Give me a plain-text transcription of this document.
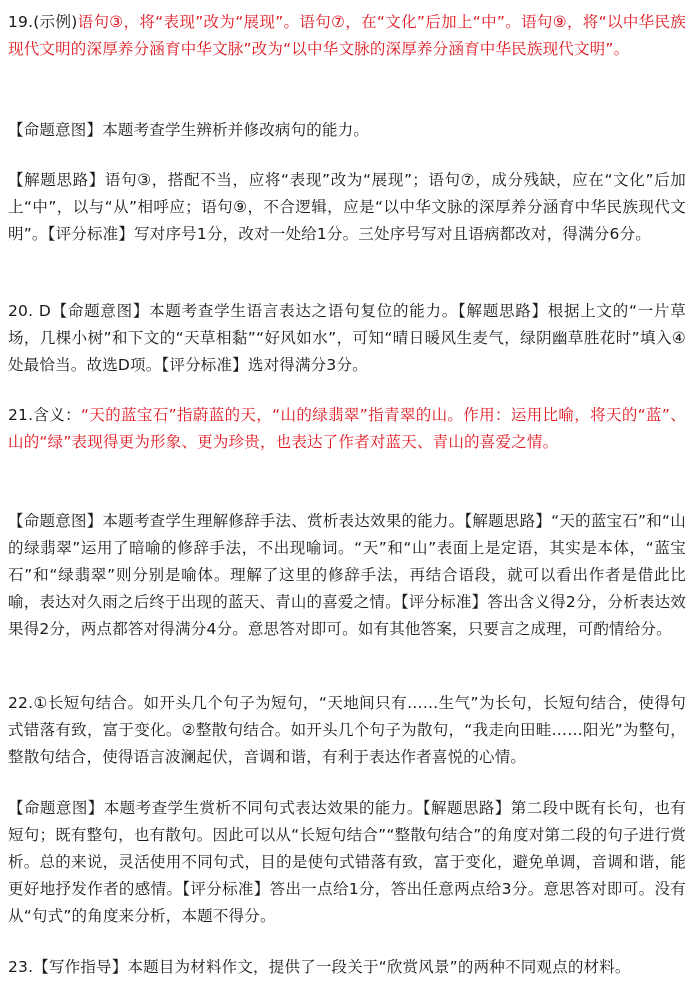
19.(示例)语句③，将“表现”改为“展现”。语句⑦，在“文化”后加上“中”。语句⑨，将“以中华民族现代文明的深厚养分涵育中华文脉”改为“以中华文脉的深厚养分涵育中华民族现代文明”。

【命题意图】本题考查学生辨析并修改病句的能力。

【解题思路】语句③，搭配不当，应将“表现”改为“展现”；语句⑦，成分残缺，应在“文化”后加上“中”，以与“从”相呼应；语句⑨，不合逻辑，应是“以中华文脉的深厚养分涵育中华民族现代文明”。【评分标准】写对序号1分，改对一处给1分。三处序号写对且语病都改对，得满分6分。

20. D【命题意图】本题考查学生语言表达之语句复位的能力。【解题思路】根据上文的“一片草场，几棵小树”和下文的“天草相黏”“好风如水”，可知“晴日暖风生麦气，绿阴幽草胜花时”填入④处最恰当。故选D项。【评分标准】选对得满分3分。

21.含义：“天的蓝宝石”指蔚蓝的天，“山的绿翡翠”指青翠的山。作用：运用比喻，将天的“蓝”、山的“绿”表现得更为形象、更为珍贵，也表达了作者对蓝天、青山的喜爱之情。

【命题意图】本题考查学生理解修辞手法、赏析表达效果的能力。【解题思路】“天的蓝宝石”和“山的绿翡翠”运用了暗喻的修辞手法，不出现喻词。“天”和“山”表面上是定语，其实是本体，“蓝宝石”和“绿翡翠”则分别是喻体。理解了这里的修辞手法，再结合语段，就可以看出作者是借此比喻，表达对久雨之后终于出现的蓝天、青山的喜爱之情。【评分标准】答出含义得2分，分析表达效果得2分，两点都答对得满分4分。意思答对即可。如有其他答案，只要言之成理，可酌情给分。

22.①长短句结合。如开头几个句子为短句，“天地间只有……生气”为长句，长短句结合，使得句式错落有致，富于变化。②整散句结合。如开头几个句子为散句，“我走向田畦……阳光”为整句，整散句结合，使得语言波澜起伏，音调和谐，有利于表达作者喜悦的心情。

【命题意图】本题考查学生赏析不同句式表达效果的能力。【解题思路】第二段中既有长句，也有短句；既有整句，也有散句。因此可以从“长短句结合”“整散句结合”的角度对第二段的句子进行赏析。总的来说，灵活使用不同句式，目的是使句式错落有致，富于变化，避免单调，音调和谐，能更好地抒发作者的感情。【评分标准】答出一点给1分，答出任意两点给3分。意思答对即可。没有从“句式”的角度来分析，本题不得分。

23.【写作指导】本题目为材料作文，提供了一段关于“欣赏风景”的两种不同观点的材料。
